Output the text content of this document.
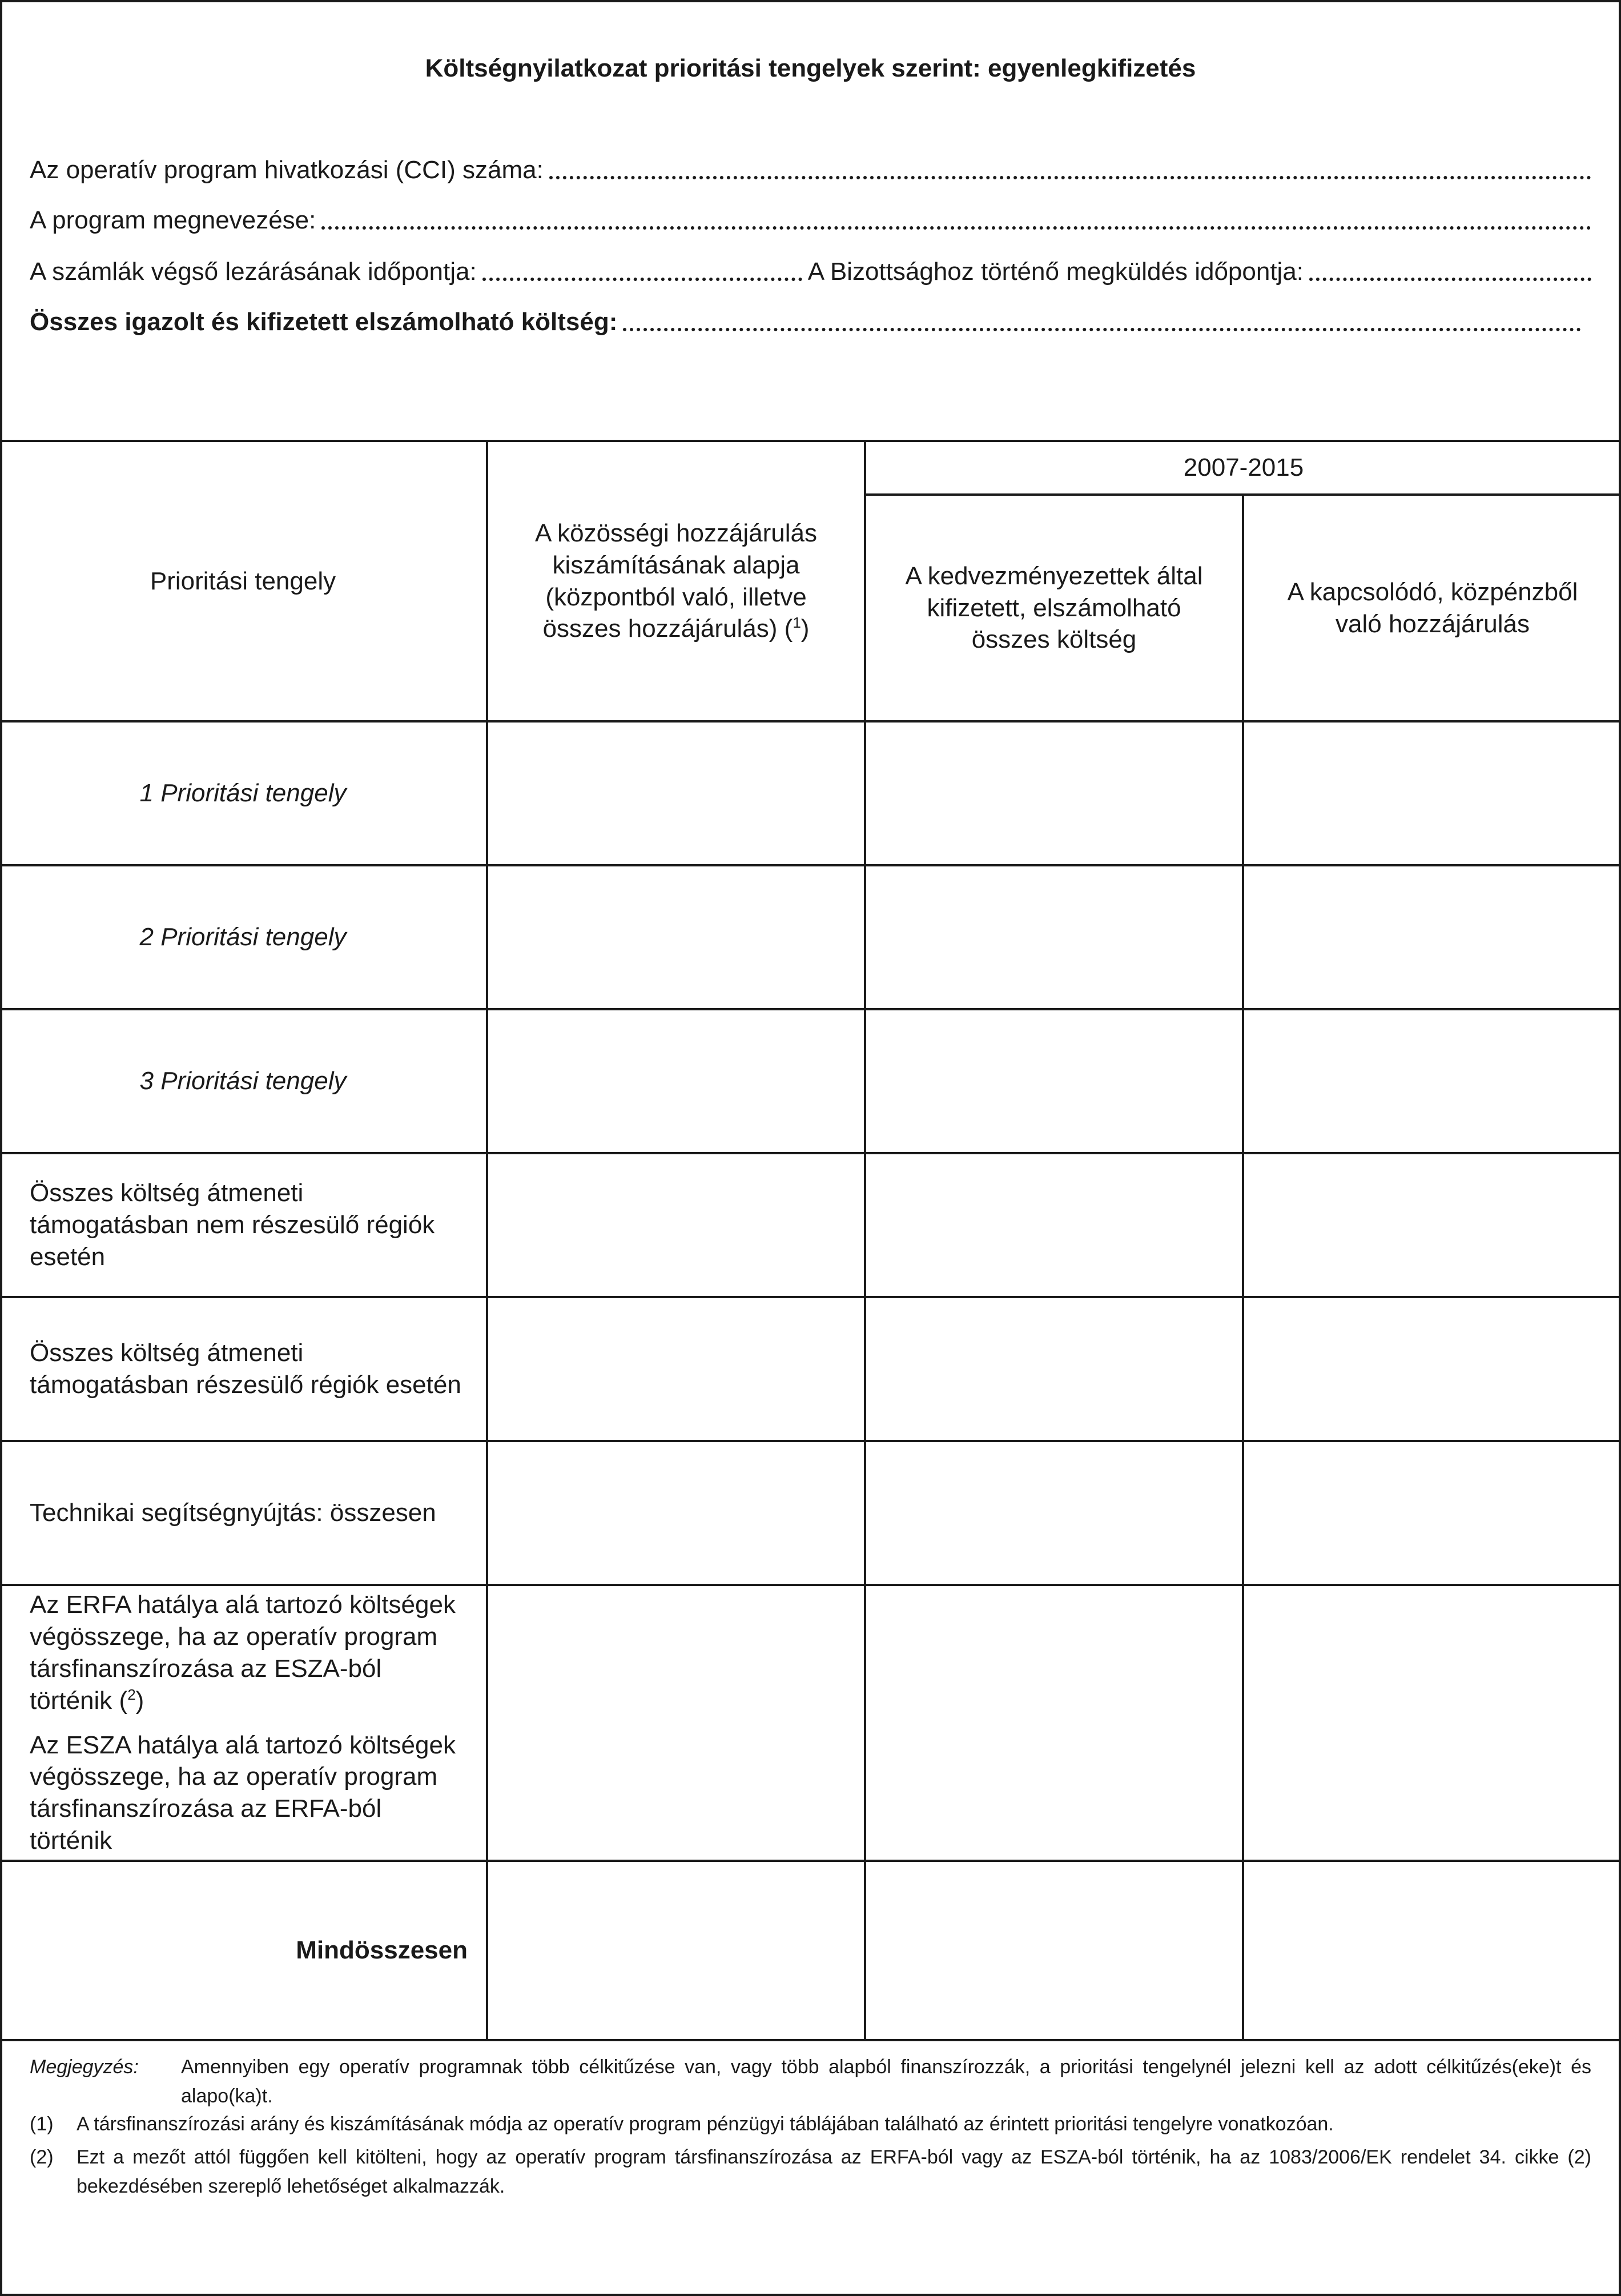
Költségnyilatkozat prioritási tengelyek szerint: egyenlegkifizetés
Az operatív program hivatkozási (CCI) száma:
A program megnevezése:
A számlák végső lezárásának időpontja:	A Bizottsághoz történő megküldés időpontja:
Összes igazolt és kifizetett elszámolható költség:
Prioritási tengely
A közösségi hozzájárulás kiszámításának alapja (központból való, illetve összes hozzájárulás) ($^1$)
2007-2015
A kedvezményezettek által kifizetett, elszámolható összes költség
A kapcsolódó, közpénzből való hozzájárulás
1 Prioritási tengely
2 Prioritási tengely
3 Prioritási tengely
Összes költség átmeneti támogatásban nem részesülő régiók esetén
Összes költség átmeneti támogatásban részesülő régiók esetén
Technikai segítségnyújtás: összesen

Az ERFA hatálya alá tartozó költségek végösszege, ha az operatív program társfinanszírozása az ESZA-ból történik ($^2$)

Az ESZA hatálya alá tartozó költségek végösszege, ha az operatív program társfinanszírozása az ERFA-ból történik

Mindösszesen
Megjegyzés: Amennyiben egy operatív programnak több célkitűzése van, vagy több alapból finanszírozzák, a prioritási tengelynél jelezni kell az adott célkitűzés(eke)t és alapo(ka)t.
(1) A társfinanszírozási arány és kiszámításának módja az operatív program pénzügyi táblájában található az érintett prioritási tengelyre vonatkozóan.
(2) Ezt a mezőt attól függően kell kitölteni, hogy az operatív program társfinanszírozása az ERFA-ból vagy az ESZA-ból történik, ha az 1083/2006/EK rendelet 34. cikke (2) bekezdésében szereplő lehetőséget alkalmazzák.
